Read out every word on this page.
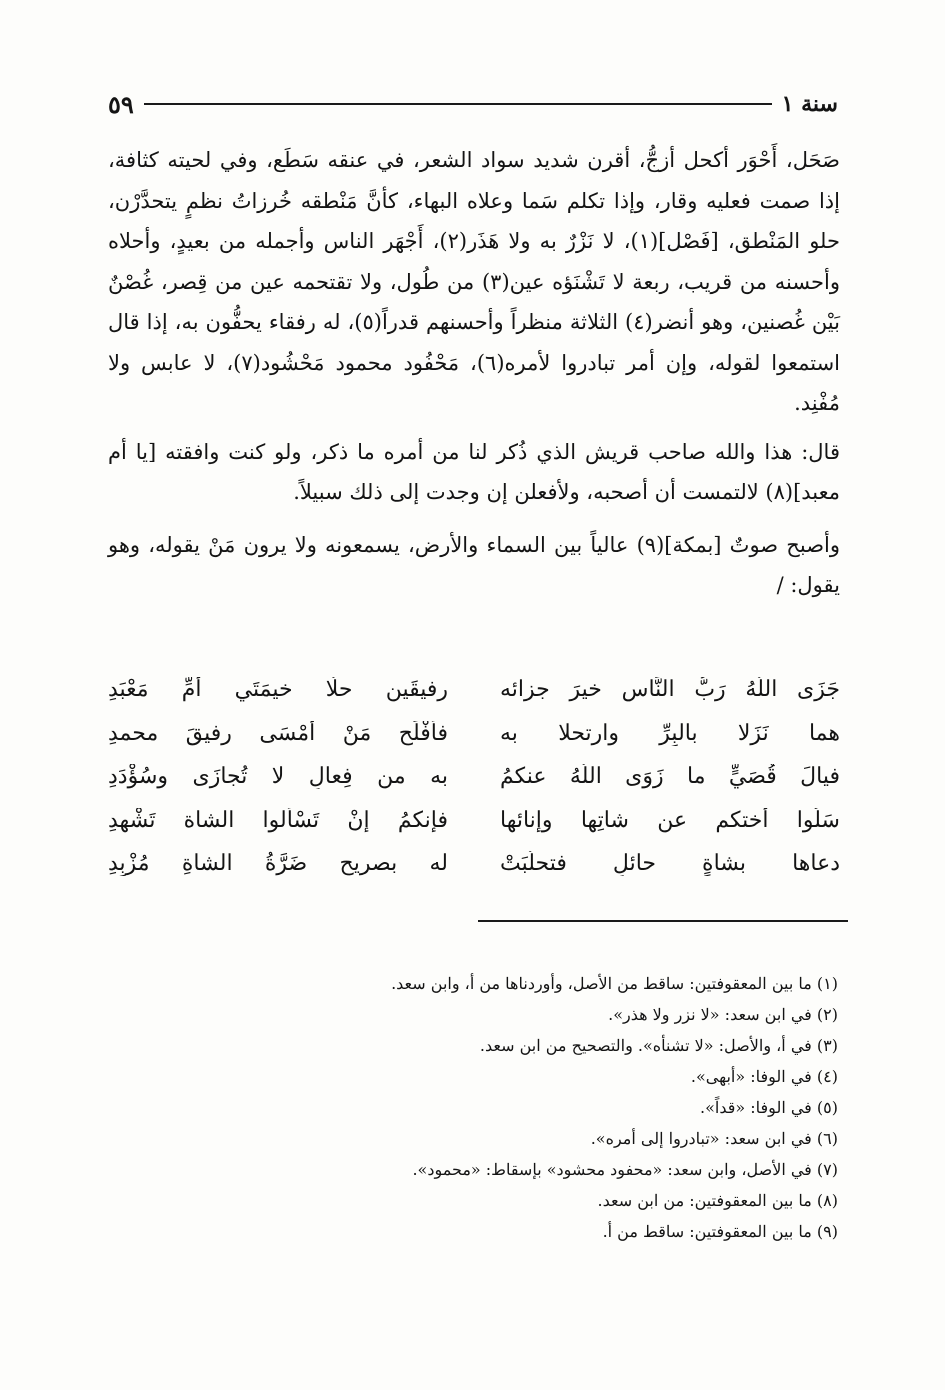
سنة ١
٥٩

صَحَل، أَحْوَر أكحل أزجُّ، أقرن شديد سواد الشعر، في عنقه سَطَع، وفي لحيته كثافة، إذا صمت فعليه وقار، وإذا تكلم سَما وعلاه البهاء، كأنَّ مَنْطقه خُرزاتُ نظمٍ يتحدَّرْن، حلو المَنْطق، [فَصْل](١)، لا نَزْرٌ به ولا هَذَر(٢)، أَجْهَر الناس وأجمله من بعيدٍ، وأحلاه وأحسنه من قريب، ربعة لا تَشْنَؤه عين(٣) من طُول، ولا تقتحمه عين من قِصر، غُصْنٌ بَيْن غُصنين، وهو أنضر(٤) الثلاثة منظراً وأحسنهم قدراً(٥)، له رفقاء يحفُّون به، إذا قال استمعوا لقوله، وإن أمر تبادروا لأمره(٦)، مَحْفُود محمود مَحْشُود(٧)، لا عابس ولا مُفْنِد.

قال: هذا والله صاحب قريش الذي ذُكر لنا من أمره ما ذكر، ولو كنت وافقته [يا أم معبد](٨) لالتمست أن أصحبه، ولأفعلن إن وجدت إلى ذلك سبيلاً.

وأصبح صوتٌ [بمكة](٩) عالياً بين السماء والأرض، يسمعونه ولا يرون مَنْ يقوله، وهو يقول: /

جَزَى اللّهُ رَبُّ النَّاس خيرَ جزائه
رفيقَين حلَّا خيمَتَي أُمِّ مَعْبَدِ
هما نَزَلا بالبِرِّ وارتحلا به
فأفْلَح مَنْ أمْسَى رفيقَ محمدِ
فيالَ قُصَيٍّ ما زَوَى اللّهُ عنكمُ
به من فِعالٍ لا تُجازَى وسُؤْدَدِ
سَلُوا أختكم عن شاتِها وإنائها
فإنكمُ إنْ تَسْألوا الشاة تَشْهدِ
دعاها بشاةٍ حائلٍ فتحلَّبَتْ
له بصريح ضَرَّةُ الشاةِ مُزْبِدِ
(١) ما بين المعقوفتين: ساقط من الأصل، وأوردناها من أ، وابن سعد.
(٢) في ابن سعد: «لا نزر ولا هذر».
(٣) في أ، والأصل: «لا تشنأه». والتصحيح من ابن سعد.
(٤) في الوفا: «أبهى».
(٥) في الوفا: «قداً».
(٦) في ابن سعد: «تبادروا إلى أمره».
(٧) في الأصل، وابن سعد: «محفود محشود» بإسقاط: «محمود».
(٨) ما بين المعقوفتين: من ابن سعد.
(٩) ما بين المعقوفتين: ساقط من أ.
